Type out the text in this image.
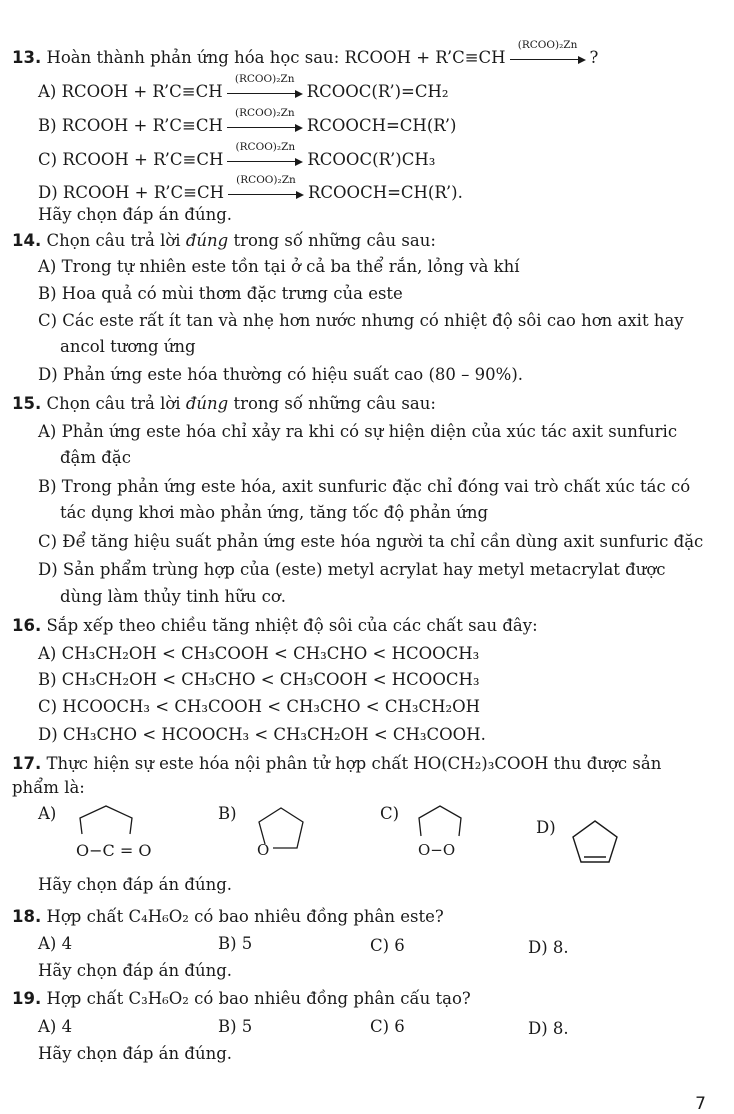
13.
Hoàn thành phản ứng hóa học sau: RCOOH + R’C≡CH
(RCOO)₂Zn
?
A)
RCOOH + R’C≡CH
(RCOO)₂Zn
RCOOC(R’)=CH₂
B)
RCOOH + R’C≡CH
(RCOO)₂Zn
RCOOCH=CH(R’)
C)
RCOOH + R’C≡CH
(RCOO)₂Zn
RCOOC(R’)CH₃
D)
RCOOH + R’C≡CH
(RCOO)₂Zn
RCOOCH=CH(R’).
Hãy chọn đáp án đúng.
14. Chọn câu trả lời đúng trong số những câu sau:
A) Trong tự nhiên este tồn tại ở cả ba thể rắn, lỏng và khí
B) Hoa quả có mùi thơm đặc trưng của este
C) Các este rất ít tan và nhẹ hơn nước nhưng có nhiệt độ sôi cao hơn axit hay
ancol tương ứng
D) Phản ứng este hóa thường có hiệu suất cao (80 – 90%).
15. Chọn câu trả lời đúng trong số những câu sau:
A) Phản ứng este hóa chỉ xảy ra khi có sự hiện diện của xúc tác axit sunfuric
đậm đặc
B) Trong phản ứng este hóa, axit sunfuric đặc chỉ đóng vai trò chất xúc tác có
tác dụng khơi mào phản ứng, tăng tốc độ phản ứng
C) Để tăng hiệu suất phản ứng este hóa người ta chỉ cần dùng axit sunfuric đặc
D) Sản phẩm trùng hợp của (este) metyl acrylat hay metyl metacrylat được
dùng làm thủy tinh hữu cơ.
16. Sắp xếp theo chiều tăng nhiệt độ sôi của các chất sau đây:
A) CH₃CH₂OH < CH₃COOH < CH₃CHO < HCOOCH₃
B) CH₃CH₂OH < CH₃CHO < CH₃COOH < HCOOCH₃
C) HCOOCH₃ < CH₃COOH < CH₃CHO < CH₃CH₂OH
D) CH₃CHO < HCOOCH₃ < CH₃CH₂OH < CH₃COOH.
17. Thực hiện sự este hóa nội phân tử hợp chất HO(CH₂)₃COOH thu được sản
phẩm là:
A)
O−C = O
B)
O
C)
O−O
D)
Hãy chọn đáp án đúng.
18. Hợp chất C₄H₆O₂ có bao nhiêu đồng phân este?
A) 4	B) 5	C) 6	D) 8.
Hãy chọn đáp án đúng.
19. Hợp chất C₃H₆O₂ có bao nhiêu đồng phân cấu tạo?
A) 4	B) 5	C) 6	D) 8.
Hãy chọn đáp án đúng.
7
